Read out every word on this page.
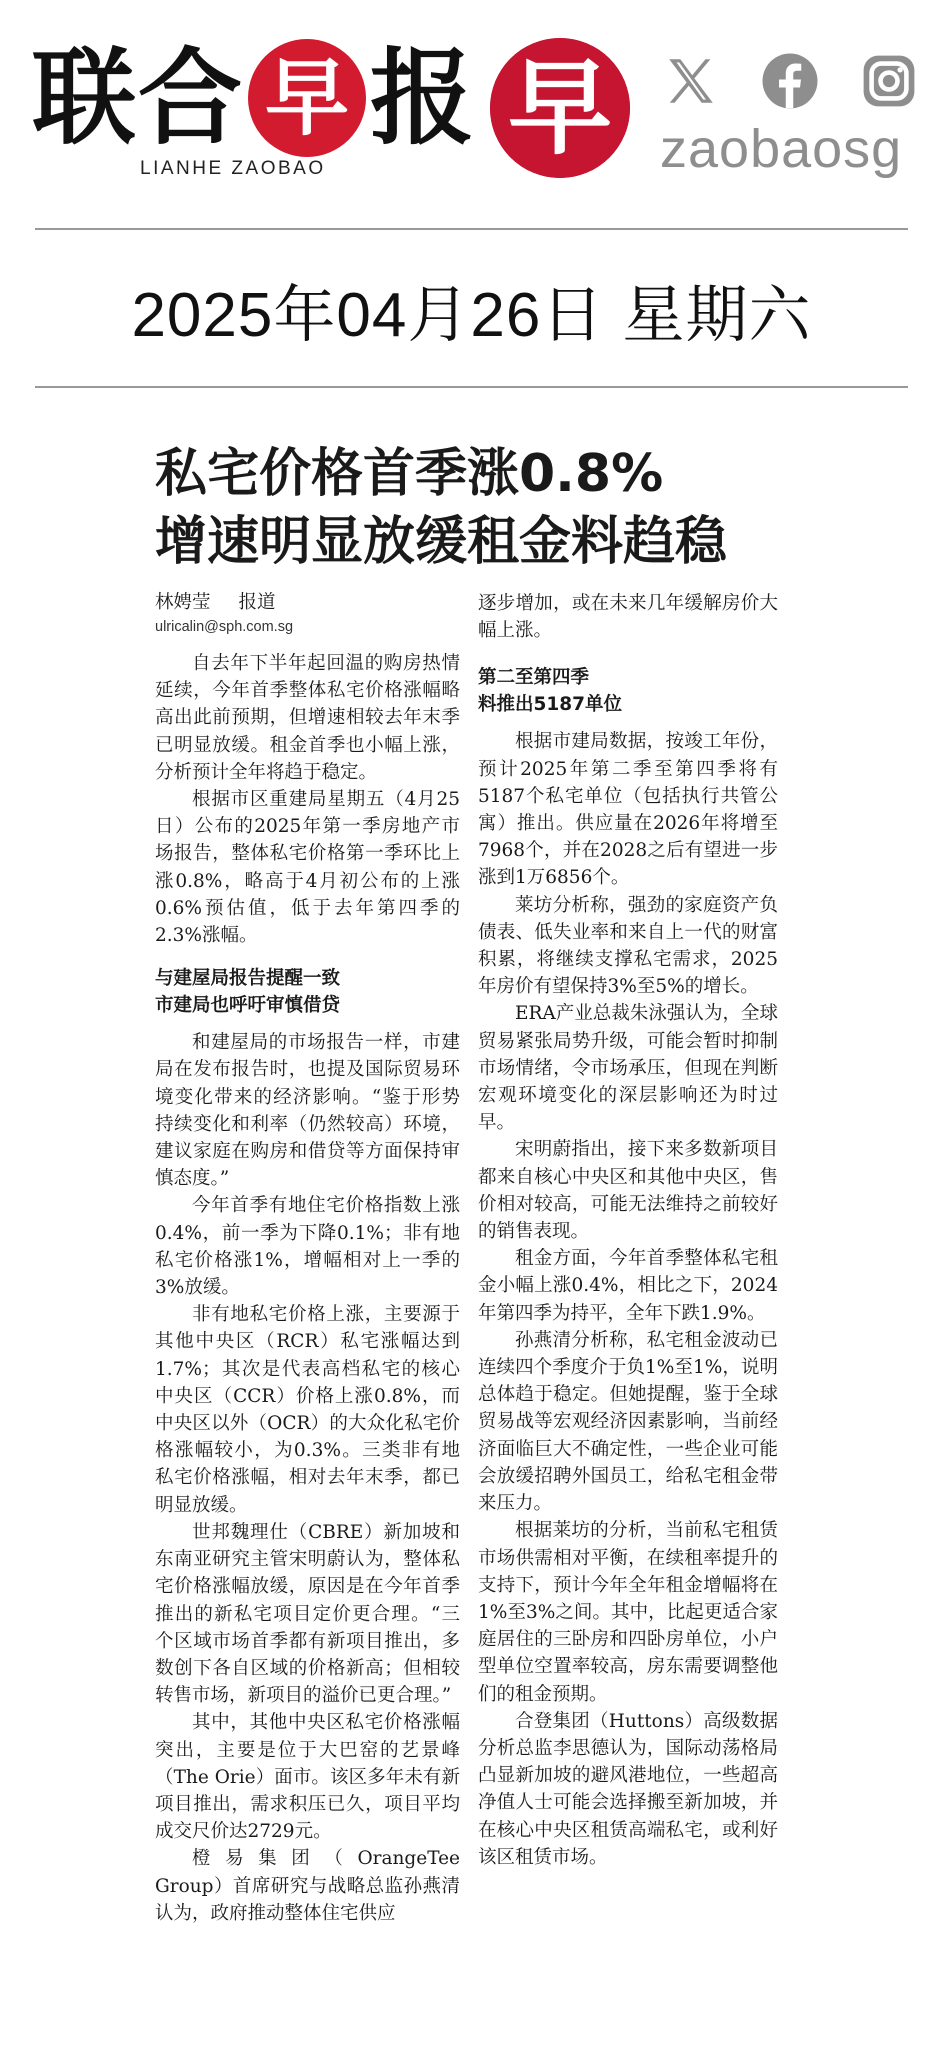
联 合 早 报
LIANHE ZAOBAO 早 zaobaosg
2025年04月26日 星期六
私宅价格首季涨0.8%
增速明显放缓租金料趋稳
林娉莹 报道
ulricalin@sph.com.sg
自去年下半年起回温的购房热情延续，今年首季整体私宅价格涨幅略高出此前预期，但增速相较去年末季已明显放缓。租金首季也小幅上涨，分析预计全年将趋于稳定。
根据市区重建局星期五（4月25日）公布的2025年第一季房地产市场报告，整体私宅价格第一季环比上涨0.8%，略高于4月初公布的上涨0.6%预估值，低于去年第四季的2.3%涨幅。
与建屋局报告提醒一致
市建局也呼吁审慎借贷
和建屋局的市场报告一样，市建局在发布报告时，也提及国际贸易环境变化带来的经济影响。“鉴于形势持续变化和利率（仍然较高）环境，建议家庭在购房和借贷等方面保持审慎态度。”
今年首季有地住宅价格指数上涨0.4%，前一季为下降0.1%；非有地私宅价格涨1%，增幅相对上一季的3%放缓。
非有地私宅价格上涨，主要源于其他中央区（RCR）私宅涨幅达到1.7%；其次是代表高档私宅的核心中央区（CCR）价格上涨0.8%，而中央区以外（OCR）的大众化私宅价格涨幅较小，为0.3%。三类非有地私宅价格涨幅，相对去年末季，都已明显放缓。
世邦魏理仕（CBRE）新加坡和东南亚研究主管宋明蔚认为，整体私宅价格涨幅放缓，原因是在今年首季推出的新私宅项目定价更合理。“三个区域市场首季都有新项目推出，多数创下各自区域的价格新高；但相较转售市场，新项目的溢价已更合理。”
其中，其他中央区私宅价格涨幅突出，主要是位于大巴窑的艺景峰（The Orie）面市。该区多年未有新项目推出，需求积压已久，项目平均成交尺价达2729元。
橙易集团（OrangeTee Group）首席研究与战略总监孙燕清认为，政府推动整体住宅供应
逐步增加，或在未来几年缓解房价大幅上涨。
第二至第四季
料推出5187单位
根据市建局数据，按竣工年份，预计2025年第二季至第四季将有5187个私宅单位（包括执行共管公寓）推出。供应量在2026年将增至7968个，并在2028之后有望进一步涨到1万6856个。
莱坊分析称，强劲的家庭资产负债表、低失业率和来自上一代的财富积累，将继续支撑私宅需求，2025年房价有望保持3%至5%的增长。
ERA产业总裁朱泳强认为，全球贸易紧张局势升级，可能会暂时抑制市场情绪，令市场承压，但现在判断宏观环境变化的深层影响还为时过早。
宋明蔚指出，接下来多数新项目都来自核心中央区和其他中央区，售价相对较高，可能无法维持之前较好的销售表现。
租金方面，今年首季整体私宅租金小幅上涨0.4%，相比之下，2024年第四季为持平，全年下跌1.9%。
孙燕清分析称，私宅租金波动已连续四个季度介于负1%至1%，说明总体趋于稳定。但她提醒，鉴于全球贸易战等宏观经济因素影响，当前经济面临巨大不确定性，一些企业可能会放缓招聘外国员工，给私宅租金带来压力。
根据莱坊的分析，当前私宅租赁市场供需相对平衡，在续租率提升的支持下，预计今年全年租金增幅将在1%至3%之间。其中，比起更适合家庭居住的三卧房和四卧房单位，小户型单位空置率较高，房东需要调整他们的租金预期。
合登集团（Huttons）高级数据分析总监李思德认为，国际动荡格局凸显新加坡的避风港地位，一些超高净值人士可能会选择搬至新加坡，并在核心中央区租赁高端私宅，或利好该区租赁市场。
